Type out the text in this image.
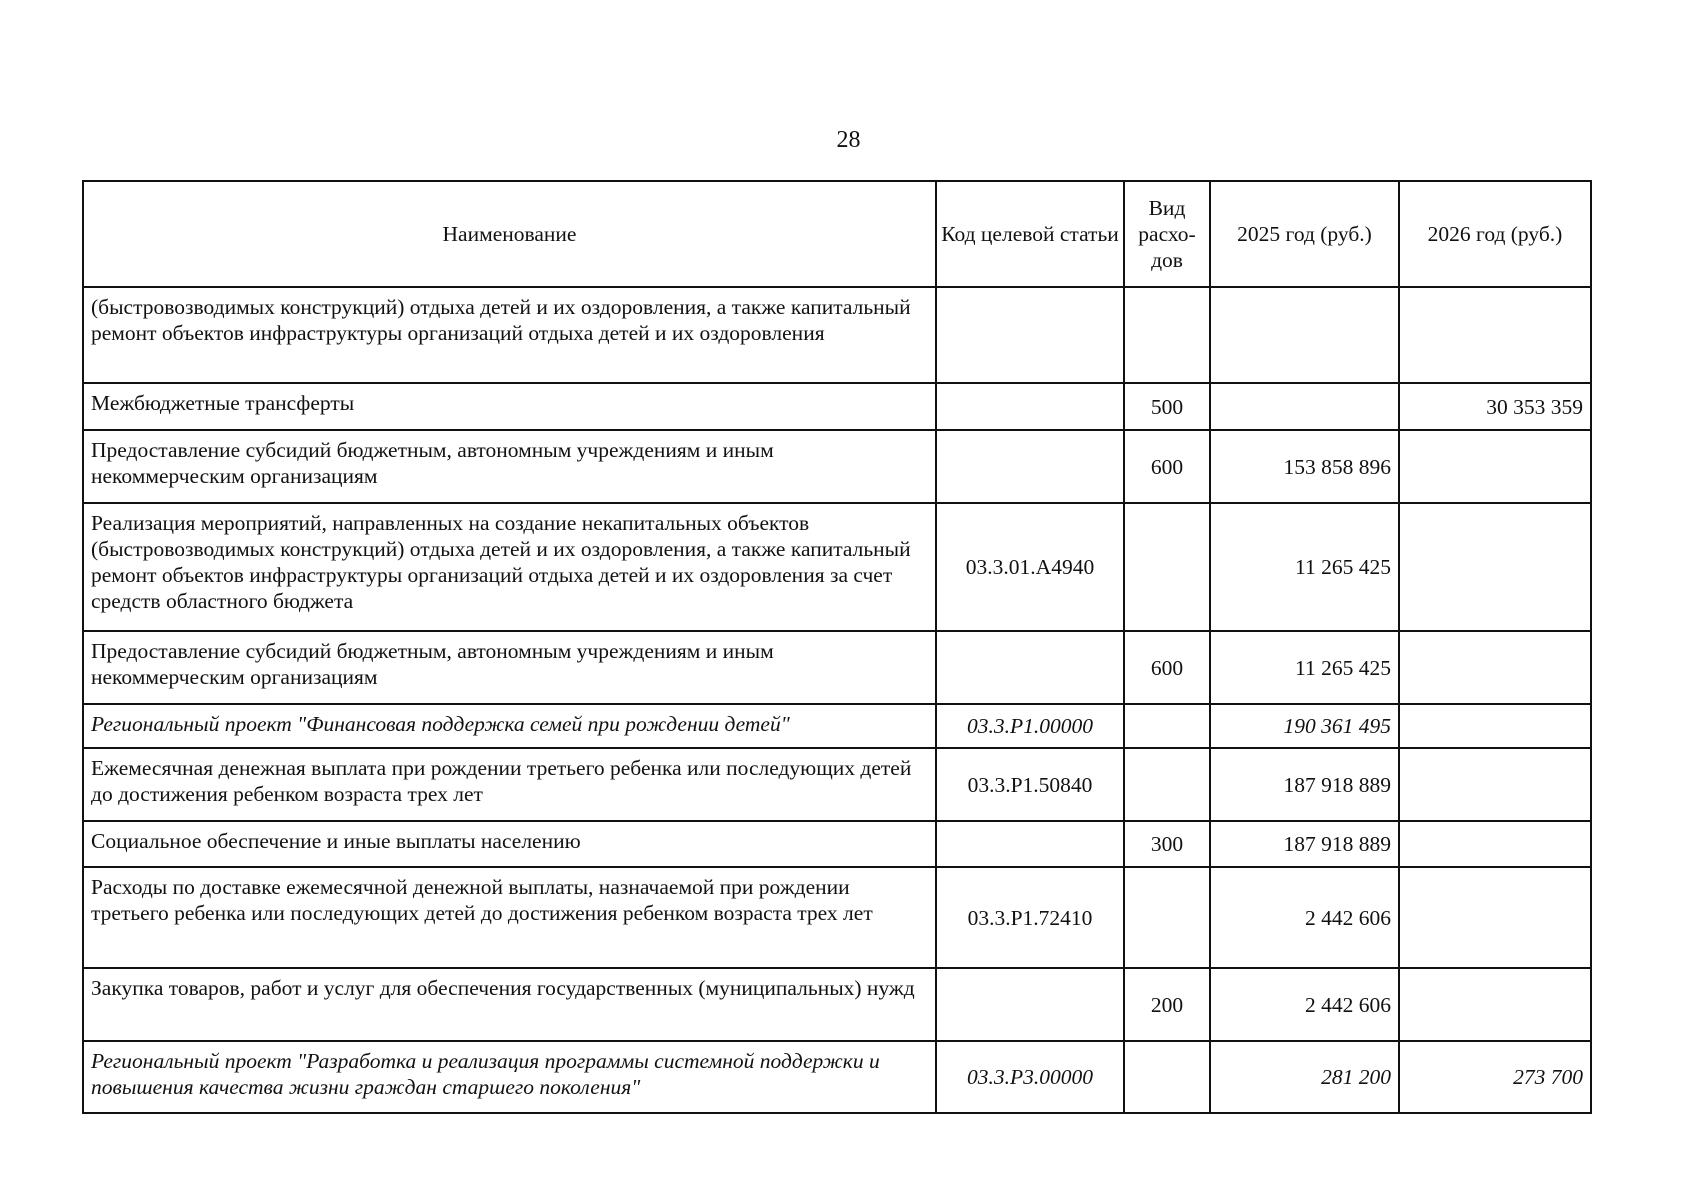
28
Наименование	Код целевой статьи	Вид расхо-дов	2025 год (руб.)	2026 год (руб.)
(быстровозводимых конструкций) отдыха детей и их оздоровления, а также капитальный ремонт объектов инфраструктуры организаций отдыха детей и их оздоровления				
Межбюджетные трансферты		500		30 353 359
Предоставление субсидий бюджетным, автономным учреждениям и иным некоммерческим организациям		600	153 858 896	
Реализация мероприятий, направленных на создание некапитальных объектов (быстровозводимых конструкций) отдыха детей и их оздоровления, а также капитальный ремонт объектов инфраструктуры организаций отдыха детей и их оздоровления за счет средств областного бюджета	03.3.01.А4940		11 265 425	
Предоставление субсидий бюджетным, автономным учреждениям и иным некоммерческим организациям		600	11 265 425	
Региональный проект "Финансовая поддержка семей при рождении детей"	03.3.Р1.00000		190 361 495	
Ежемесячная денежная выплата при рождении третьего ребенка или последующих детей до достижения ребенком возраста трех лет	03.3.Р1.50840		187 918 889	
Социальное обеспечение и иные выплаты населению		300	187 918 889	
Расходы по доставке ежемесячной денежной выплаты, назначаемой при рождении третьего ребенка или последующих детей до достижения ребенком возраста трех лет	03.3.Р1.72410		2 442 606	
Закупка товаров, работ и услуг для обеспечения государственных (муниципальных) нужд		200	2 442 606	
Региональный проект "Разработка и реализация программы системной поддержки и повышения качества жизни граждан старшего поколения"	03.3.Р3.00000		281 200	273 700
